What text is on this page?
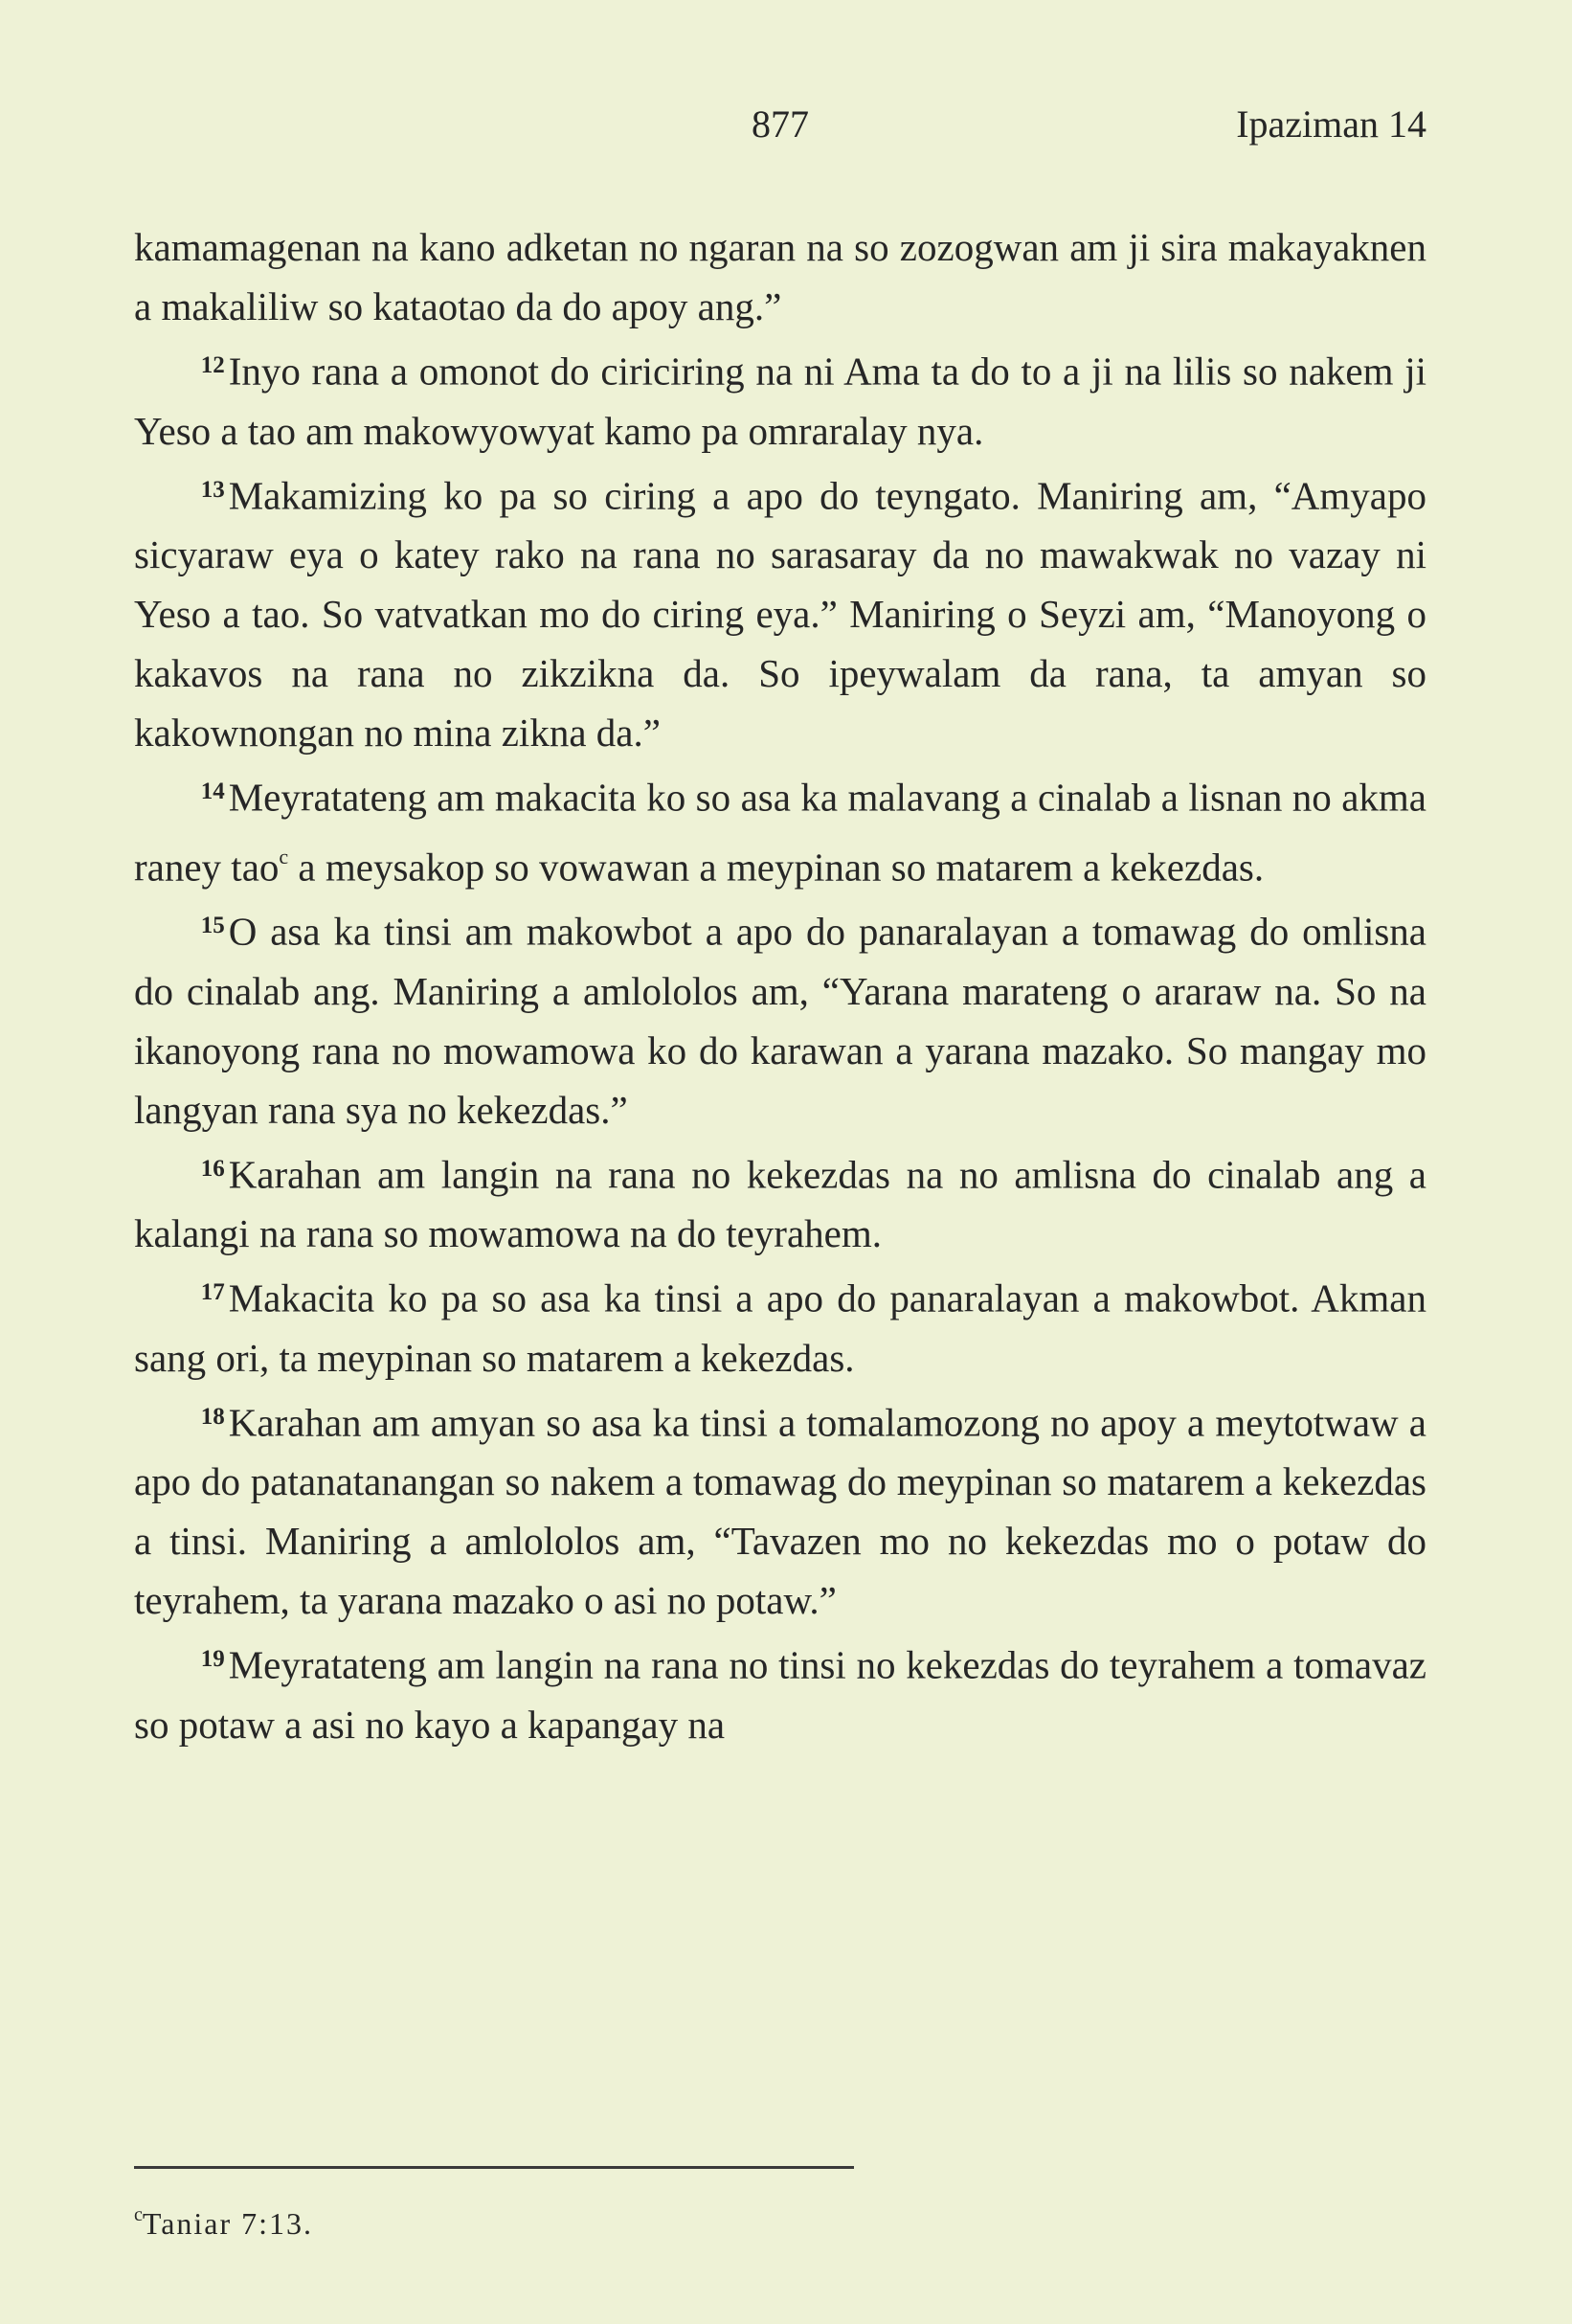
877	Ipaziman 14

kamamagenan na kano adketan no ngaran na so zozogwan am ji sira makayaknen a makaliliw so kataotao da do apoy ang.”

$^{12}$Inyo rana a omonot do ciriciring na ni Ama ta do to a ji na lilis so nakem ji Yeso a tao am makowyowyat kamo pa omraralay nya.

$^{13}$Makamizing ko pa so ciring a apo do teyngato. Maniring am, “Amyapo sicyaraw eya o katey rako na rana no sarasaray da no mawakwak no vazay ni Yeso a tao. So vatvatkan mo do ciring eya.” Maniring o Seyzi am, “Manoyong o kakavos na rana no zikzikna da. So ipeywalam da rana, ta amyan so kakownongan no mina zikna da.”

$^{14}$Meyratateng am makacita ko so asa ka malavang a cinalab a lisnan no akma raney tao$^c$ a meysakop so vowawan a meypinan so matarem a kekezdas.

$^{15}$O asa ka tinsi am makowbot a apo do panaralayan a tomawag do omlisna do cinalab ang. Maniring a amlololos am, “Yarana marateng o araraw na. So na ikanoyong rana no mowamowa ko do karawan a yarana mazako. So mangay mo langyan rana sya no kekezdas.”

$^{16}$Karahan am langin na rana no kekezdas na no amlisna do cinalab ang a kalangi na rana so mowamowa na do teyrahem.

$^{17}$Makacita ko pa so asa ka tinsi a apo do panaralayan a makowbot. Akman sang ori, ta meypinan so matarem a kekezdas.

$^{18}$Karahan am amyan so asa ka tinsi a tomalamozong no apoy a meytotwaw a apo do patanatanangan so nakem a tomawag do meypinan so matarem a kekezdas a tinsi. Maniring a amlololos am, “Tavazen mo no kekezdas mo o potaw do teyrahem, ta yarana mazako o asi no potaw.”

$^{19}$Meyratateng am langin na rana no tinsi no kekezdas do teyrahem a tomavaz so potaw a asi no kayo a kapangay na

$^c$Taniar 7:13.
